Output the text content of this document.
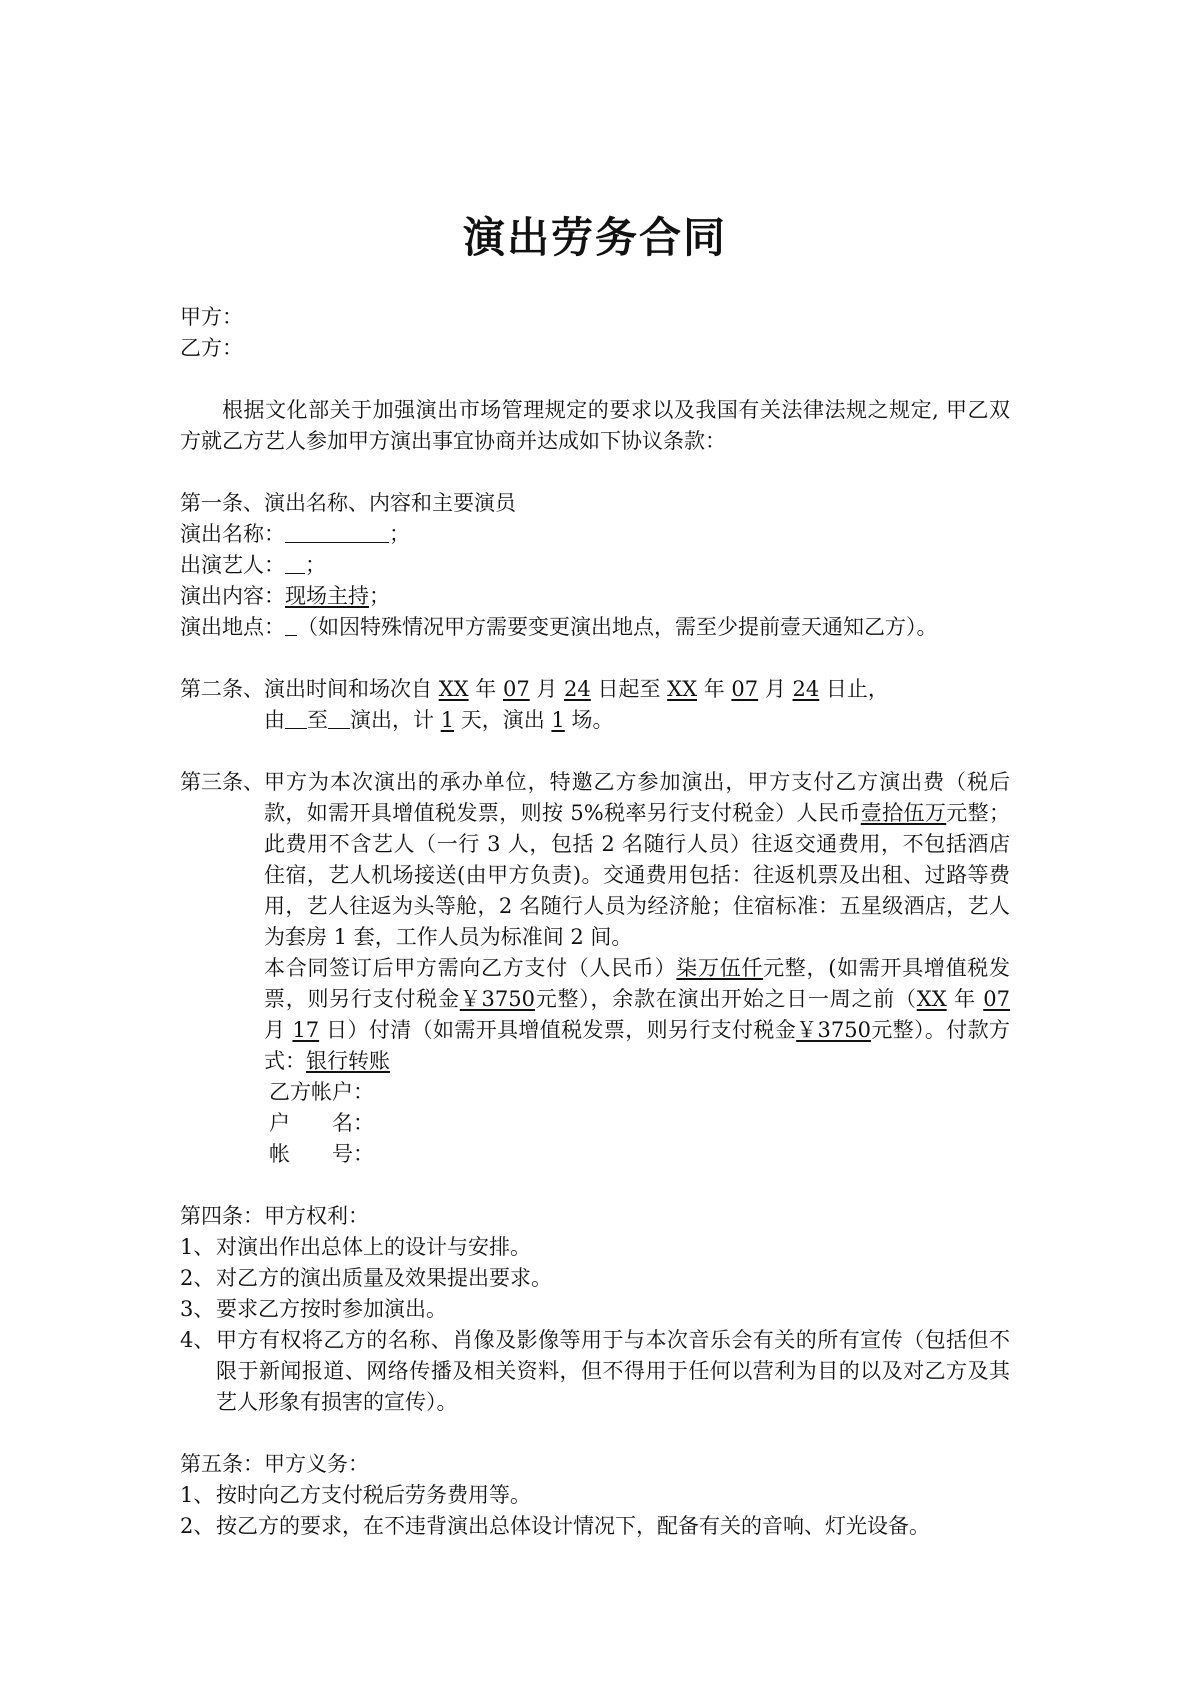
演出劳务合同
甲方：
乙方：
根据文化部关于加强演出市场管理规定的要求以及我国有关法律法规之规定, 甲乙双方就乙方艺人参加甲方演出事宜协商并达成如下协议条款：
第一条、演出名称、内容和主要演员
演出名称：	；
出演艺人： ；
演出内容：现场主持；
演出地点： （如因特殊情况甲方需要变更演出地点，需至少提前壹天通知乙方）。
第二条、演出时间和场次自 XX 年 07 月 24 日起至 XX 年 07 月 24 日止，
由 至 演出，计 1 天，演出 1 场。
第三条、 甲方为本次演出的承办单位，特邀乙方参加演出，甲方支付乙方演出费（税后款，如需开具增值税发票，则按 5%税率另行支付税金）人民币壹拾伍万元整；此费用不含艺人（一行 3 人，包括 2 名随行人员）往返交通费用，不包括酒店住宿，艺人机场接送(由甲方负责)。交通费用包括：往返机票及出租、过路等费用，艺人往返为头等舱，2 名随行人员为经济舱；住宿标准：五星级酒店，艺人为套房 1 套，工作人员为标准间 2 间。
本合同签订后甲方需向乙方支付（人民币）柒万伍仟元整，(如需开具增值税发票，则另行支付税金￥3750元整），余款在演出开始之日一周之前（XX 年 07 月 17 日）付清（如需开具增值税发票，则另行支付税金￥3750元整）。付款方式：银行转账
乙方帐户：
户　　名：
帐　　号：
第四条：甲方权利：
1、 对演出作出总体上的设计与安排。
2、 对乙方的演出质量及效果提出要求。
3、 要求乙方按时参加演出。
4、 甲方有权将乙方的名称、肖像及影像等用于与本次音乐会有关的所有宣传（包括但不限于新闻报道、网络传播及相关资料，但不得用于任何以营利为目的以及对乙方及其艺人形象有损害的宣传）。
第五条：甲方义务：
1、 按时向乙方支付税后劳务费用等。
2、 按乙方的要求，在不违背演出总体设计情况下，配备有关的音响、灯光设备。
